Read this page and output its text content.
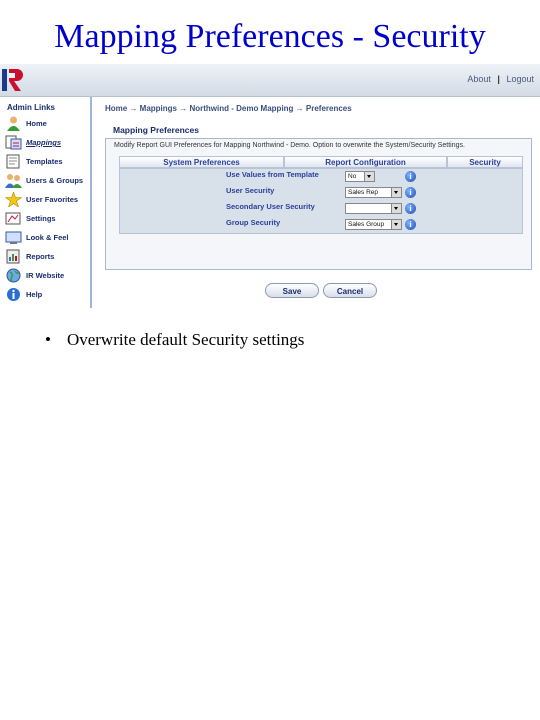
Mapping Preferences - Security
About | Logout
Admin Links
Home
Mappings
Templates
Users & Groups
User Favorites
Settings
Look & Feel
Reports
IR Website
Help
Home → Mappings → Northwind - Demo Mapping → Preferences
Mapping Preferences
Modify Report GUI Preferences for Mapping Northwind - Demo. Option to overwrite the System/Security Settings.
System Preferences	Report Configuration	Security
Use Values from Template	No	i
User Security	Sales Rep	i
Secondary User Security	i
Group Security	Sales Group	i
Save	Cancel
• Overwrite default Security settings
